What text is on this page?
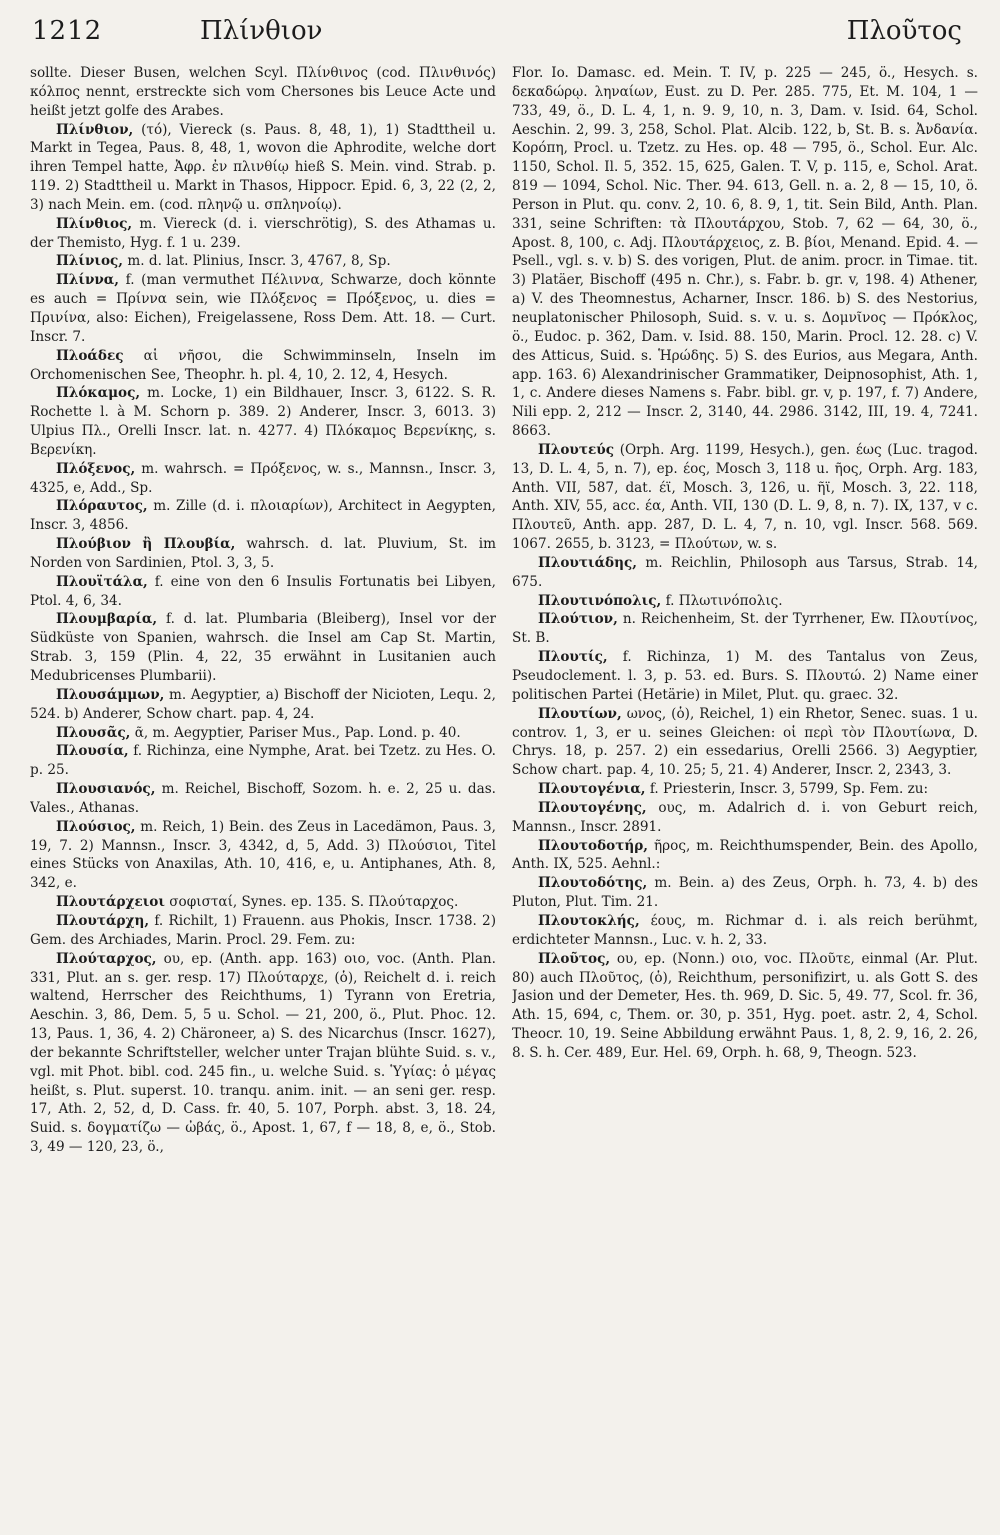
1212	Πλίνθιον	Πλοῦτος

sollte. Dieser Busen, welchen Scyl. Πλίνθινος (cod. Πλινθινός) κόλπος nennt, erstreckte sich vom Chersones bis Leuce Acte und heißt jetzt golfe des Arabes.

Πλίνθιον, (τό), Viereck (s. Paus. 8, 48, 1), 1) Stadttheil u. Markt in Tegea, Paus. 8, 48, 1, wovon die Aphrodite, welche dort ihren Tempel hatte, Ἀφρ. ἐν πλινθίῳ hieß S. Mein. vind. Strab. p. 119. 2) Stadttheil u. Markt in Thasos, Hippocr. Epid. 6, 3, 22 (2, 2, 3) nach Mein. em. (cod. πληνῷ u. σπληνοίῳ).

Πλίνθιος, m. Viereck (d. i. vierschrötig), S. des Athamas u. der Themisto, Hyg. f. 1 u. 239.

Πλίνιος, m. d. lat. Plinius, Inscr. 3, 4767, 8, Sp.

Πλίννα, f. (man vermuthet Πέλιννα, Schwarze, doch könnte es auch = Πρίννα sein, wie Πλόξενος = Πρόξενος, u. dies = Πρινίνα, also: Eichen), Freigelassene, Ross Dem. Att. 18. — Curt. Inscr. 7.

Πλοάδες αἱ νῆσοι, die Schwimminseln, Inseln im Orchomenischen See, Theophr. h. pl. 4, 10, 2. 12, 4, Hesych.

Πλόκαμος, m. Locke, 1) ein Bildhauer, Inscr. 3, 6122. S. R. Rochette l. à M. Schorn p. 389. 2) Anderer, Inscr. 3, 6013. 3) Ulpius Πλ., Orelli Inscr. lat. n. 4277. 4) Πλόκαμος Βερενίκης, s. Βερενίκη.

Πλόξενος, m. wahrsch. = Πρόξενος, w. s., Mannsn., Inscr. 3, 4325, e, Add., Sp.

Πλόραυτος, m. Zille (d. i. πλοιαρίων), Architect in Aegypten, Inscr. 3, 4856.

Πλούβιον ἢ Πλουβία, wahrsch. d. lat. Pluvium, St. im Norden von Sardinien, Ptol. 3, 3, 5.

Πλουϊτάλα, f. eine von den 6 Insulis Fortunatis bei Libyen, Ptol. 4, 6, 34.

Πλουμβαρία, f. d. lat. Plumbaria (Bleiberg), Insel vor der Südküste von Spanien, wahrsch. die Insel am Cap St. Martin, Strab. 3, 159 (Plin. 4, 22, 35 erwähnt in Lusitanien auch Medubricenses Plumbarii).

Πλουσάμμων, m. Aegyptier, a) Bischoff der Nicioten, Lequ. 2, 524. b) Anderer, Schow chart. pap. 4, 24.

Πλουσᾶς, ᾶ, m. Aegyptier, Pariser Mus., Pap. Lond. p. 40.

Πλουσία, f. Richinza, eine Nymphe, Arat. bei Tzetz. zu Hes. O. p. 25.

Πλουσιανός, m. Reichel, Bischoff, Sozom. h. e. 2, 25 u. das. Vales., Athanas.

Πλούσιος, m. Reich, 1) Bein. des Zeus in Lacedämon, Paus. 3, 19, 7. 2) Mannsn., Inscr. 3, 4342, d, 5, Add. 3) Πλούσιοι, Titel eines Stücks von Anaxilas, Ath. 10, 416, e, u. Antiphanes, Ath. 8, 342, e.

Πλουτάρχειοι σοφισταί, Synes. ep. 135. S. Πλούταρχος.

Πλουτάρχη, f. Richilt, 1) Frauenn. aus Phokis, Inscr. 1738. 2) Gem. des Archiades, Marin. Procl. 29. Fem. zu:

Πλούταρχος, ου, ep. (Anth. app. 163) οιο, voc. (Anth. Plan. 331, Plut. an s. ger. resp. 17) Πλούταρχε, (ὁ), Reichelt d. i. reich waltend, Herrscher des Reichthums, 1) Tyrann von Eretria, Aeschin. 3, 86, Dem. 5, 5 u. Schol. — 21, 200, ö., Plut. Phoc. 12. 13, Paus. 1, 36, 4. 2) Chäroneer, a) S. des Nicarchus (Inscr. 1627), der bekannte Schriftsteller, welcher unter Trajan blühte Suid. s. v., vgl. mit Phot. bibl. cod. 245 fin., u. welche Suid. s. Ὑγίας: ὁ μέγας heißt, s. Plut. superst. 10. tranqu. anim. init. — an seni ger. resp. 17, Ath. 2, 52, d, D. Cass. fr. 40, 5. 107, Porph. abst. 3, 18. 24, Suid. s. δογματίζω — ὠβάς, ö., Apost. 1, 67, f — 18, 8, e, ö., Stob. 3, 49 — 120, 23, ö.,

Flor. Io. Damasc. ed. Mein. T. IV, p. 225 — 245, ö., Hesych. s. δεκαδώρῳ. ληναίων, Eust. zu D. Per. 285. 775, Et. M. 104, 1 — 733, 49, ö., D. L. 4, 1, n. 9. 9, 10, n. 3, Dam. v. Isid. 64, Schol. Aeschin. 2, 99. 3, 258, Schol. Plat. Alcib. 122, b, St. B. s. Ἀνδανία. Κορόπη, Procl. u. Tzetz. zu Hes. op. 48 — 795, ö., Schol. Eur. Alc. 1150, Schol. Il. 5, 352. 15, 625, Galen. T. V, p. 115, e, Schol. Arat. 819 — 1094, Schol. Nic. Ther. 94. 613, Gell. n. a. 2, 8 — 15, 10, ö. Person in Plut. qu. conv. 2, 10. 6, 8. 9, 1, tit. Sein Bild, Anth. Plan. 331, seine Schriften: τὰ Πλουτάρχου, Stob. 7, 62 — 64, 30, ö., Apost. 8, 100, c. Adj. Πλουτάρχειος, z. B. βίοι, Menand. Epid. 4. — Psell., vgl. s. v. b) S. des vorigen, Plut. de anim. procr. in Timae. tit. 3) Platäer, Bischoff (495 n. Chr.), s. Fabr. b. gr. v, 198. 4) Athener, a) V. des Theomnestus, Acharner, Inscr. 186. b) S. des Nestorius, neuplatonischer Philosoph, Suid. s. v. u. s. Δομνῖνος — Πρόκλος, ö., Eudoc. p. 362, Dam. v. Isid. 88. 150, Marin. Procl. 12. 28. c) V. des Atticus, Suid. s. Ἡρώδης. 5) S. des Eurios, aus Megara, Anth. app. 163. 6) Alexandrinischer Grammatiker, Deipnosophist, Ath. 1, 1, c. Andere dieses Namens s. Fabr. bibl. gr. v, p. 197, f. 7) Andere, Nili epp. 2, 212 — Inscr. 2, 3140, 44. 2986. 3142, III, 19. 4, 7241. 8663.

Πλουτεύς (Orph. Arg. 1199, Hesych.), gen. έως (Luc. tragod. 13, D. L. 4, 5, n. 7), ep. έος, Mosch 3, 118 u. ῆος, Orph. Arg. 183, Anth. VII, 587, dat. έϊ, Mosch. 3, 126, u. ῆϊ, Mosch. 3, 22. 118, Anth. XIV, 55, acc. έα, Anth. VII, 130 (D. L. 9, 8, n. 7). IX, 137, v c. Πλουτεῦ, Anth. app. 287, D. L. 4, 7, n. 10, vgl. Inscr. 568. 569. 1067. 2655, b. 3123, = Πλούτων, w. s.

Πλουτιάδης, m. Reichlin, Philosoph aus Tarsus, Strab. 14, 675.

Πλουτινόπολις, f. Πλωτινόπολις.

Πλούτιον, n. Reichenheim, St. der Tyrrhener, Ew. Πλουτίνος, St. B.

Πλουτίς, f. Richinza, 1) M. des Tantalus von Zeus, Pseudoclement. l. 3, p. 53. ed. Burs. S. Πλουτώ. 2) Name einer politischen Partei (Hetärie) in Milet, Plut. qu. graec. 32.

Πλουτίων, ωνος, (ὁ), Reichel, 1) ein Rhetor, Senec. suas. 1 u. controv. 1, 3, er u. seines Gleichen: οἱ περὶ τὸν Πλουτίωνα, D. Chrys. 18, p. 257. 2) ein essedarius, Orelli 2566. 3) Aegyptier, Schow chart. pap. 4, 10. 25; 5, 21. 4) Anderer, Inscr. 2, 2343, 3.

Πλουτογένια, f. Priesterin, Inscr. 3, 5799, Sp. Fem. zu:

Πλουτογένης, ους, m. Adalrich d. i. von Geburt reich, Mannsn., Inscr. 2891.

Πλουτοδοτήρ, ῆρος, m. Reichthumspender, Bein. des Apollo, Anth. IX, 525. Aehnl.:

Πλουτοδότης, m. Bein. a) des Zeus, Orph. h. 73, 4. b) des Pluton, Plut. Tim. 21.

Πλουτοκλής, έους, m. Richmar d. i. als reich berühmt, erdichteter Mannsn., Luc. v. h. 2, 33.

Πλοῦτος, ου, ep. (Nonn.) οιο, voc. Πλοῦτε, einmal (Ar. Plut. 80) auch Πλοῦτος, (ὁ), Reichthum, personifizirt, u. als Gott S. des Jasion und der Demeter, Hes. th. 969, D. Sic. 5, 49. 77, Scol. fr. 36, Ath. 15, 694, c, Them. or. 30, p. 351, Hyg. poet. astr. 2, 4, Schol. Theocr. 10, 19. Seine Abbildung erwähnt Paus. 1, 8, 2. 9, 16, 2. 26, 8. S. h. Cer. 489, Eur. Hel. 69, Orph. h. 68, 9, Theogn. 523.
